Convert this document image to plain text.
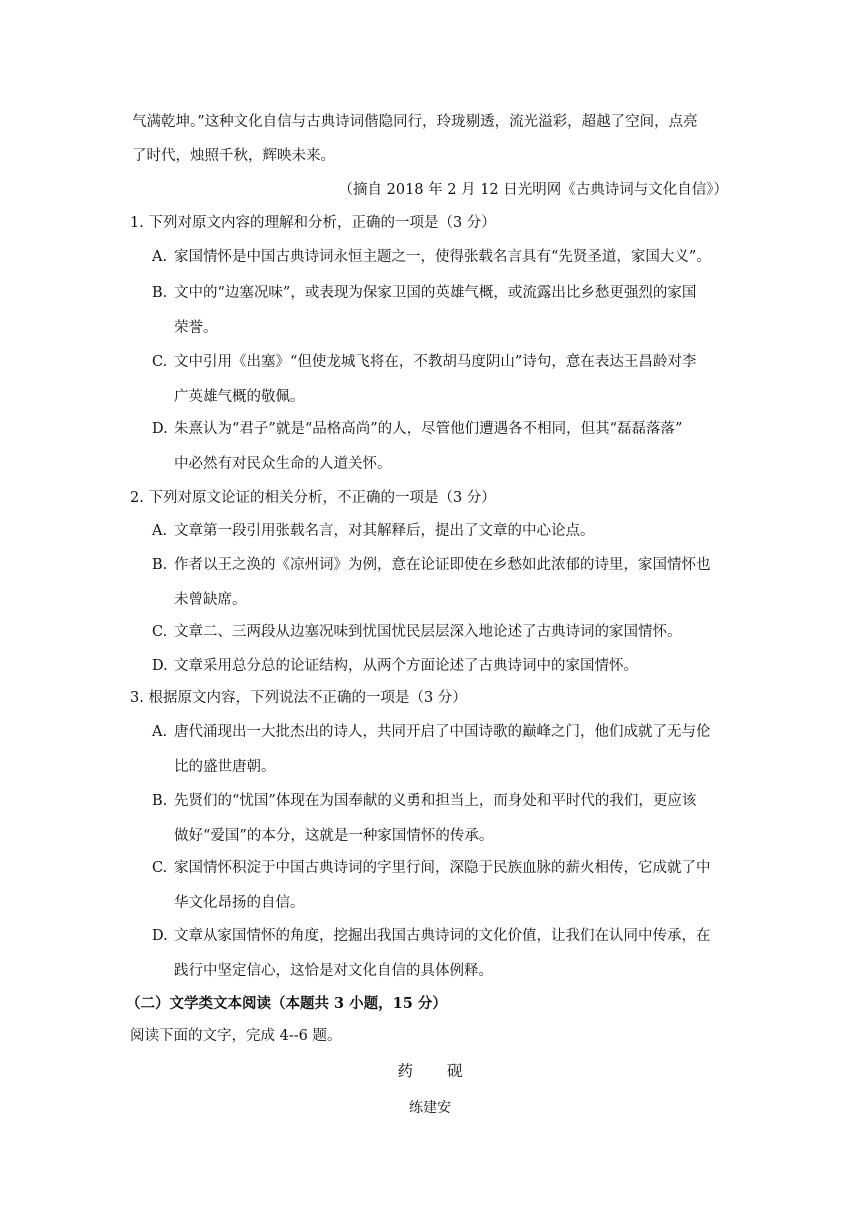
气满乾坤。”这种文化自信与古典诗词偕隐同行，玲珑剔透，流光溢彩，超越了空间，点亮
了时代，烛照千秋，辉映未来。
（摘自 2018 年 2 月 12 日光明网《古典诗词与文化自信》）
1. 下列对原文内容的理解和分析，正确的一项是（3 分）
A. 家国情怀是中国古典诗词永恒主题之一，使得张载名言具有“先贤圣道，家国大义”。
B. 文中的“边塞况味”，或表现为保家卫国的英雄气概，或流露出比乡愁更强烈的家国
荣誉。
C. 文中引用《出塞》“但使龙城飞将在，不教胡马度阴山”诗句，意在表达王昌龄对李
广英雄气概的敬佩。
D. 朱熹认为“君子”就是“品格高尚”的人，尽管他们遭遇各不相同，但其“磊磊落落”
中必然有对民众生命的人道关怀。
2. 下列对原文论证的相关分析，不正确的一项是（3 分）
A. 文章第一段引用张载名言，对其解释后，提出了文章的中心论点。
B. 作者以王之涣的《凉州词》为例，意在论证即使在乡愁如此浓郁的诗里，家国情怀也
未曾缺席。
C. 文章二、三两段从边塞况味到忧国忧民层层深入地论述了古典诗词的家国情怀。
D. 文章采用总分总的论证结构，从两个方面论述了古典诗词中的家国情怀。
3. 根据原文内容，下列说法不正确的一项是（3 分）
A. 唐代涌现出一大批杰出的诗人，共同开启了中国诗歌的巅峰之门，他们成就了无与伦
比的盛世唐朝。
B. 先贤们的“忧国”体现在为国奉献的义勇和担当上，而身处和平时代的我们，更应该
做好“爱国”的本分，这就是一种家国情怀的传承。
C. 家国情怀积淀于中国古典诗词的字里行间，深隐于民族血脉的薪火相传，它成就了中
华文化昂扬的自信。
D. 文章从家国情怀的角度，挖掘出我国古典诗词的文化价值，让我们在认同中传承，在
践行中坚定信心，这恰是对文化自信的具体例释。
（二）文学类文本阅读（本题共 3 小题，15 分）
阅读下面的文字，完成 4--6 题。
药 砚
练建安
